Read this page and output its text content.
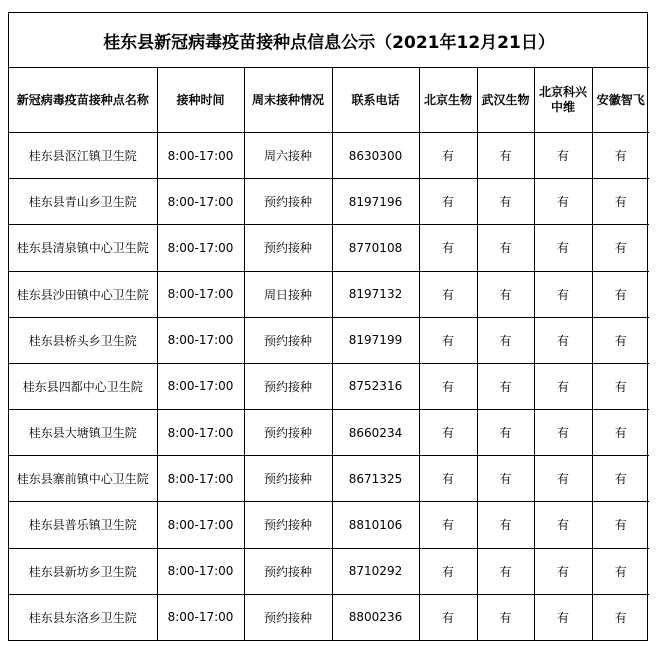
桂东县新冠病毒疫苗接种点信息公示（2021年12月21日）							
新冠病毒疫苗接种点名称	接种时间	周末接种情况	联系电话	北京生物	武汉生物	北京科兴中维	安徽智飞
桂东县沤江镇卫生院	8:00-17:00	周六接种	8630300	有	有	有	有
桂东县青山乡卫生院	8:00-17:00	预约接种	8197196	有	有	有	有
桂东县清泉镇中心卫生院	8:00-17:00	预约接种	8770108	有	有	有	有
桂东县沙田镇中心卫生院	8:00-17:00	周日接种	8197132	有	有	有	有
桂东县桥头乡卫生院	8:00-17:00	预约接种	8197199	有	有	有	有
桂东县四都中心卫生院	8:00-17:00	预约接种	8752316	有	有	有	有
桂东县大塘镇卫生院	8:00-17:00	预约接种	8660234	有	有	有	有
桂东县寨前镇中心卫生院	8:00-17:00	预约接种	8671325	有	有	有	有
桂东县普乐镇卫生院	8:00-17:00	预约接种	8810106	有	有	有	有
桂东县新坊乡卫生院	8:00-17:00	预约接种	8710292	有	有	有	有
桂东县东洛乡卫生院	8:00-17:00	预约接种	8800236	有	有	有	有
